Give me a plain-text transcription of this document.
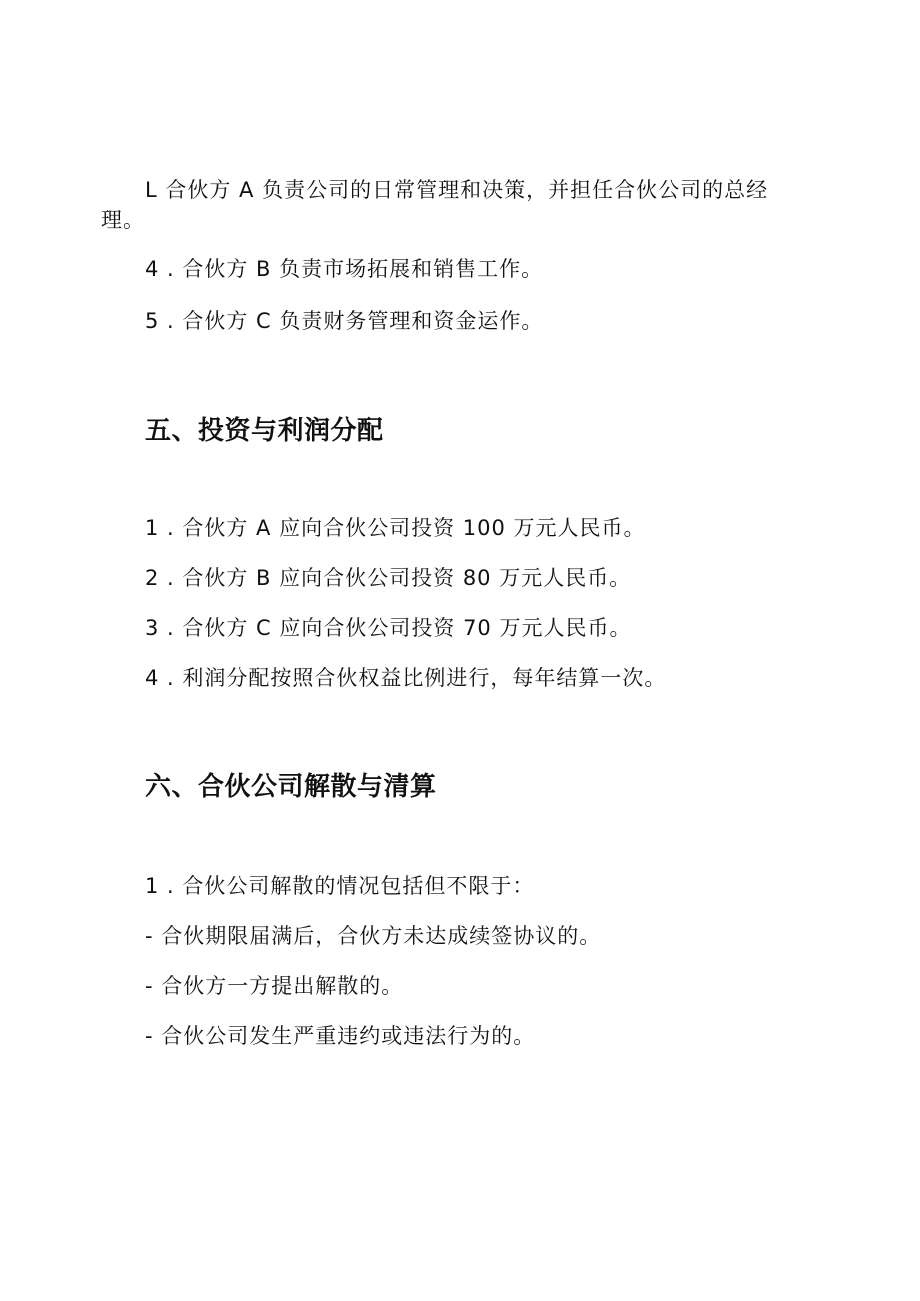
L 合伙方 A 负责公司的日常管理和决策，并担任合伙公司的总经

理。

4 . 合伙方 B 负责市场拓展和销售工作。

5 . 合伙方 C 负责财务管理和资金运作。

五、投资与利润分配

1 . 合伙方 A 应向合伙公司投资 100 万元人民币。

2 . 合伙方 B 应向合伙公司投资 80 万元人民币。

3 . 合伙方 C 应向合伙公司投资 70 万元人民币。

4 . 利润分配按照合伙权益比例进行，每年结算一次。

六、合伙公司解散与清算

1 . 合伙公司解散的情况包括但不限于：

- 合伙期限届满后，合伙方未达成续签协议的。

- 合伙方一方提出解散的。

- 合伙公司发生严重违约或违法行为的。
